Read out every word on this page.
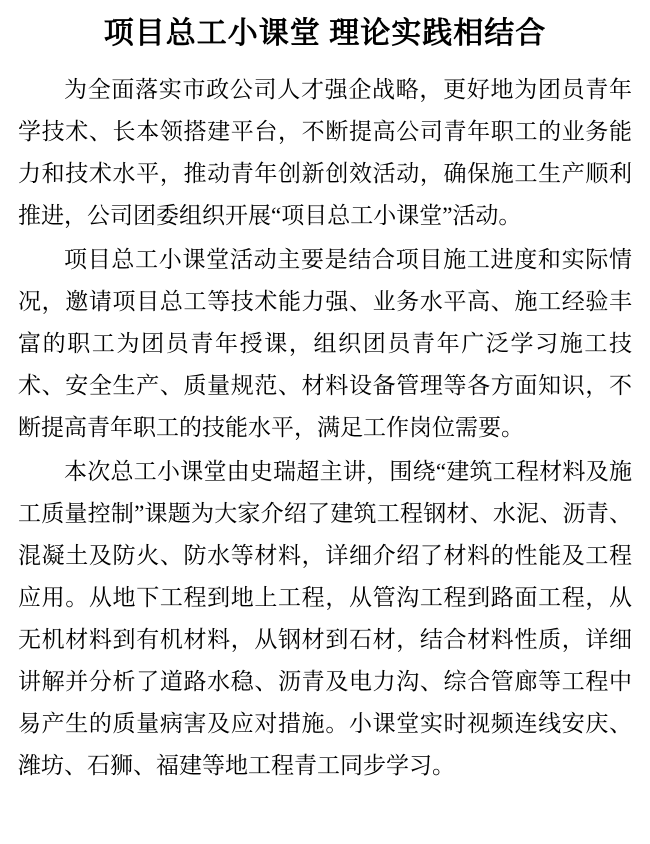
项目总工小课堂 理论实践相结合

为全面落实市政公司人才强企战略，更好地为团员青年学技术、长本领搭建平台，不断提高公司青年职工的业务能力和技术水平，推动青年创新创效活动，确保施工生产顺利推进，公司团委组织开展“项目总工小课堂”活动。

项目总工小课堂活动主要是结合项目施工进度和实际情况，邀请项目总工等技术能力强、业务水平高、施工经验丰富的职工为团员青年授课，组织团员青年广泛学习施工技术、安全生产、质量规范、材料设备管理等各方面知识，不断提高青年职工的技能水平，满足工作岗位需要。

本次总工小课堂由史瑞超主讲，围绕“建筑工程材料及施工质量控制”课题为大家介绍了建筑工程钢材、水泥、沥青、混凝土及防火、防水等材料，详细介绍了材料的性能及工程应用。从地下工程到地上工程，从管沟工程到路面工程，从无机材料到有机材料，从钢材到石材，结合材料性质，详细讲解并分析了道路水稳、沥青及电力沟、综合管廊等工程中易产生的质量病害及应对措施。小课堂实时视频连线安庆、潍坊、石狮、福建等地工程青工同步学习。
